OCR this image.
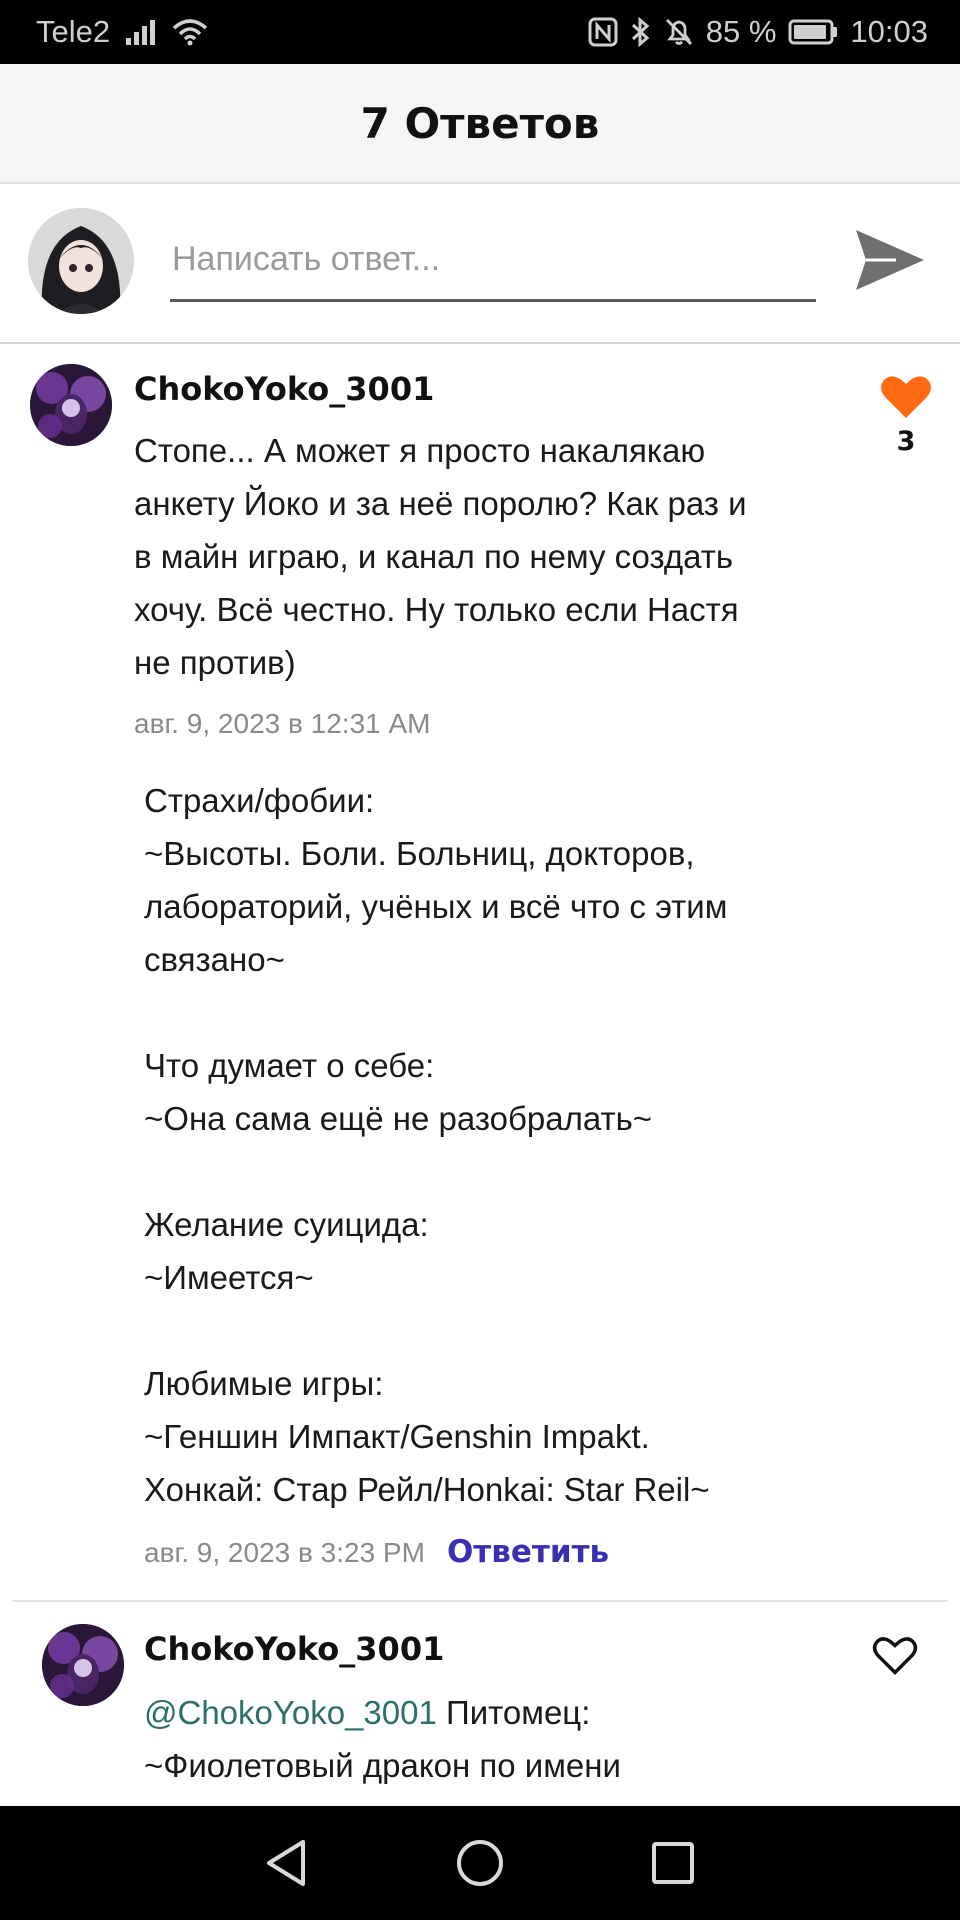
Tele2	85 % 10:03
7 Ответов
Написать ответ...
ChokoYoko_3001
Стопе... А может я просто накалякаю
анкету Йоко и за неё поролю? Как раз и
в майн играю, и канал по нему создать
хочу. Всё честно. Ну только если Настя
не против)
авг. 9, 2023 в 12:31 AM
3
Страхи/фобии:
~Высоты. Боли. Больниц, докторов,
лабораторий, учёных и всё что с этим
связано~
Что думает о себе:
~Она сама ещё не разобралать~
Желание суицида:
~Имеется~
Любимые игры:
~Геншин Импакт/Genshin Impakt.
Хонкай: Стар Рейл/Honkai: Star Reil~
авг. 9, 2023 в 3:23 PM Ответить
ChokoYoko_3001
@ChokoYoko_3001 Питомец:
~Фиолетовый дракон по имени
